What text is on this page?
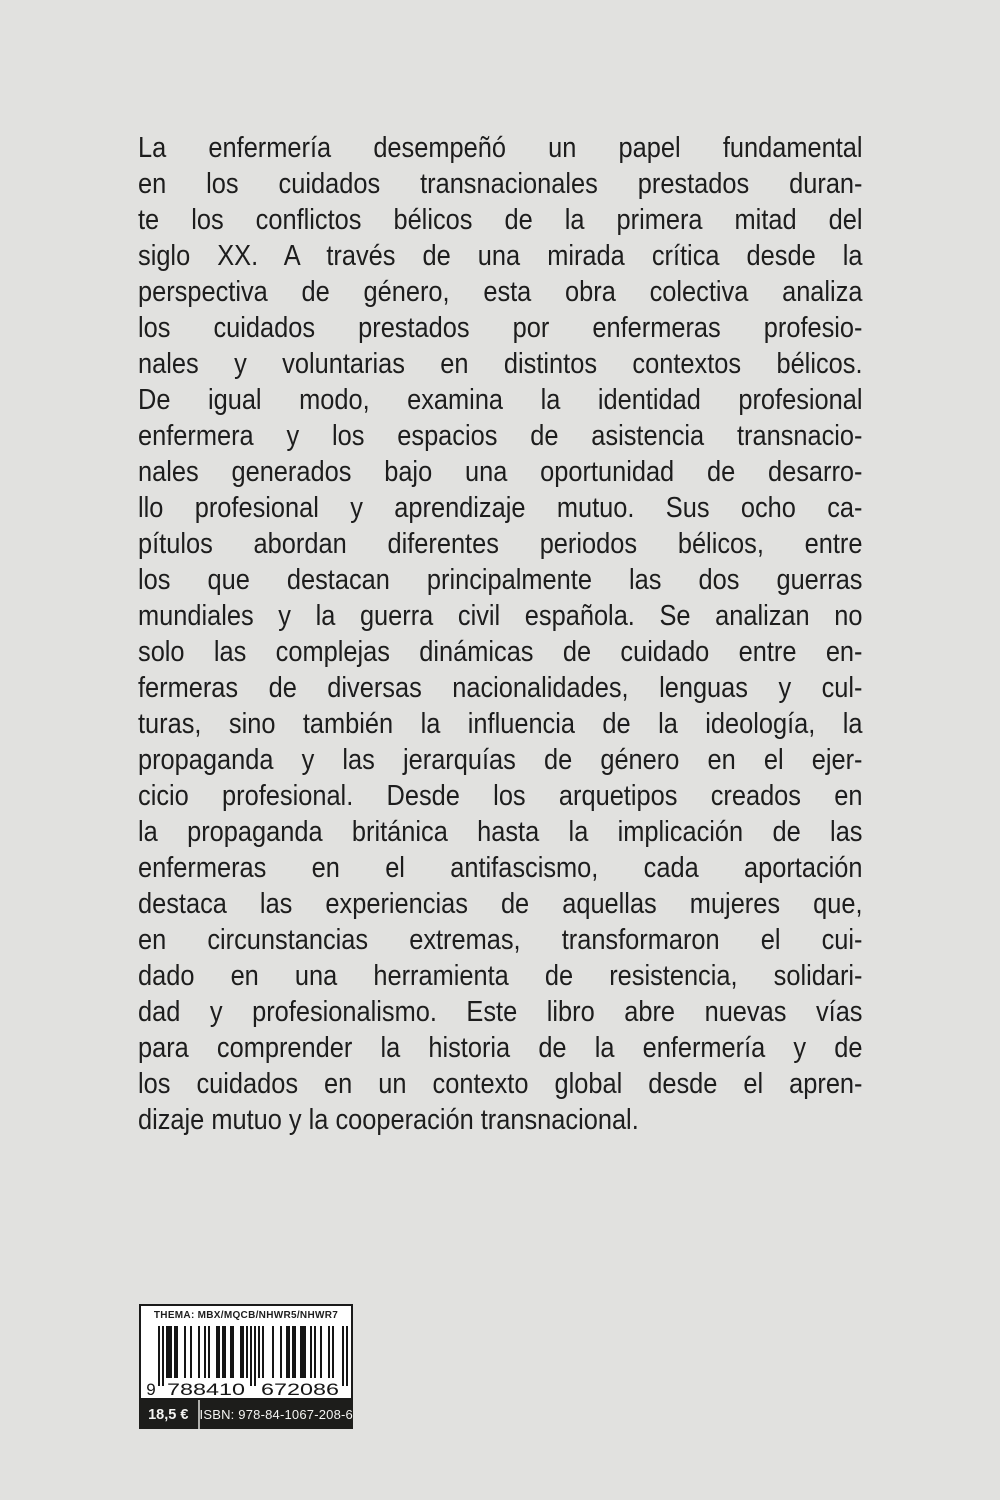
La enfermería desempeñó un papel fundamental
en los cuidados transnacionales prestados duran-
te los conflictos bélicos de la primera mitad del
siglo XX. A través de una mirada crítica desde la
perspectiva de género, esta obra colectiva analiza
los cuidados prestados por enfermeras profesio-
nales y voluntarias en distintos contextos bélicos.
De igual modo, examina la identidad profesional
enfermera y los espacios de asistencia transnacio-
nales generados bajo una oportunidad de desarro-
llo profesional y aprendizaje mutuo. Sus ocho ca-
pítulos abordan diferentes periodos bélicos, entre
los que destacan principalmente las dos guerras
mundiales y la guerra civil española. Se analizan no
solo las complejas dinámicas de cuidado entre en-
fermeras de diversas nacionalidades, lenguas y cul-
turas, sino también la influencia de la ideología, la
propaganda y las jerarquías de género en el ejer-
cicio profesional. Desde los arquetipos creados en
la propaganda británica hasta la implicación de las
enfermeras en el antifascismo, cada aportación
destaca las experiencias de aquellas mujeres que,
en circunstancias extremas, transformaron el cui-
dado en una herramienta de resistencia, solidari-
dad y profesionalismo. Este libro abre nuevas vías
para comprender la historia de la enfermería y de
los cuidados en un contexto global desde el apren-
dizaje mutuo y la cooperación transnacional.
THEMA: MBX/MQCB/NHWR5/NHWR7
9 788410 672086
18,5 € ISBN: 978-84-1067-208-6
